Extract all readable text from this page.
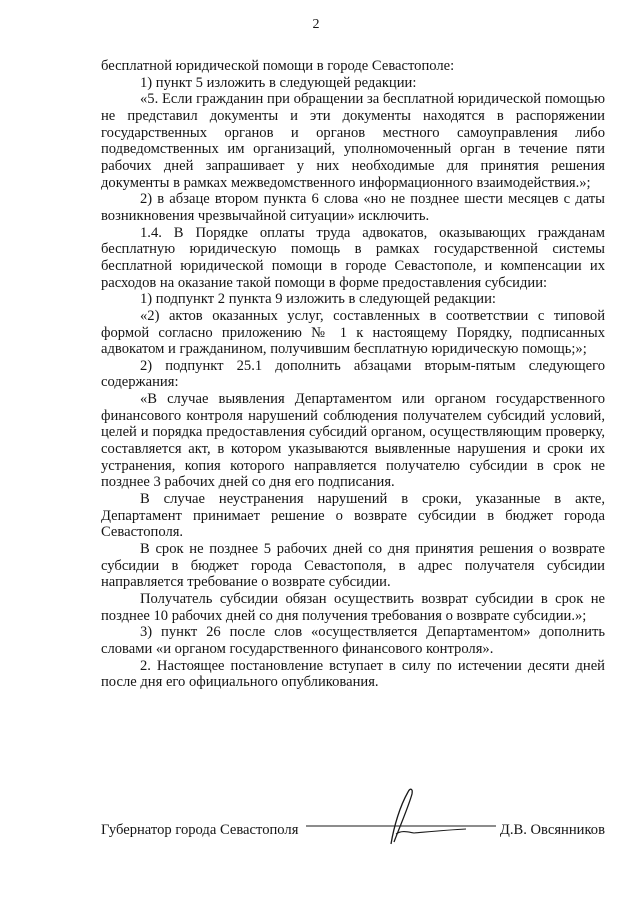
2

бесплатной юридической помощи в городе Севастополе:

1) пункт 5 изложить в следующей редакции:

«5. Если гражданин при обращении за бесплатной юридической помощью не представил документы и эти документы находятся в распоряжении государственных органов и органов местного самоуправления либо подведомственных им организаций, уполномоченный орган в течение пяти рабочих дней запрашивает у них необходимые для принятия решения документы в рамках межведомственного информационного взаимодействия.»;

2) в абзаце втором пункта 6 слова «но не позднее шести месяцев с даты возникновения чрезвычайной ситуации» исключить.

1.4. В Порядке оплаты труда адвокатов, оказывающих гражданам бесплатную юридическую помощь в рамках государственной системы бесплатной юридической помощи в городе Севастополе, и компенсации их расходов на оказание такой помощи в форме предоставления субсидии:

1) подпункт 2 пункта 9 изложить в следующей редакции:

«2) актов оказанных услуг, составленных в соответствии с типовой формой согласно приложению № 1 к настоящему Порядку, подписанных адвокатом и гражданином, получившим бесплатную юридическую помощь;»;

2) подпункт 25.1 дополнить абзацами вторым-пятым следующего содержания:

«В случае выявления Департаментом или органом государственного финансового контроля нарушений соблюдения получателем субсидий условий, целей и порядка предоставления субсидий органом, осуществляющим проверку, составляется акт, в котором указываются выявленные нарушения и сроки их устранения, копия которого направляется получателю субсидии в срок не позднее 3 рабочих дней со дня его подписания.

В случае неустранения нарушений в сроки, указанные в акте, Департамент принимает решение о возврате субсидии в бюджет города Севастополя.

В срок не позднее 5 рабочих дней со дня принятия решения о возврате субсидии в бюджет города Севастополя, в адрес получателя субсидии направляется требование о возврате субсидии.

Получатель субсидии обязан осуществить возврат субсидии в срок не позднее 10 рабочих дней со дня получения требования о возврате субсидии.»;

3) пункт 26 после слов «осуществляется Департаментом» дополнить словами «и органом государственного финансового контроля».

2. Настоящее постановление вступает в силу по истечении десяти дней после дня его официального опубликования.

Губернатор города Севастополя	Д.В. Овсянников
